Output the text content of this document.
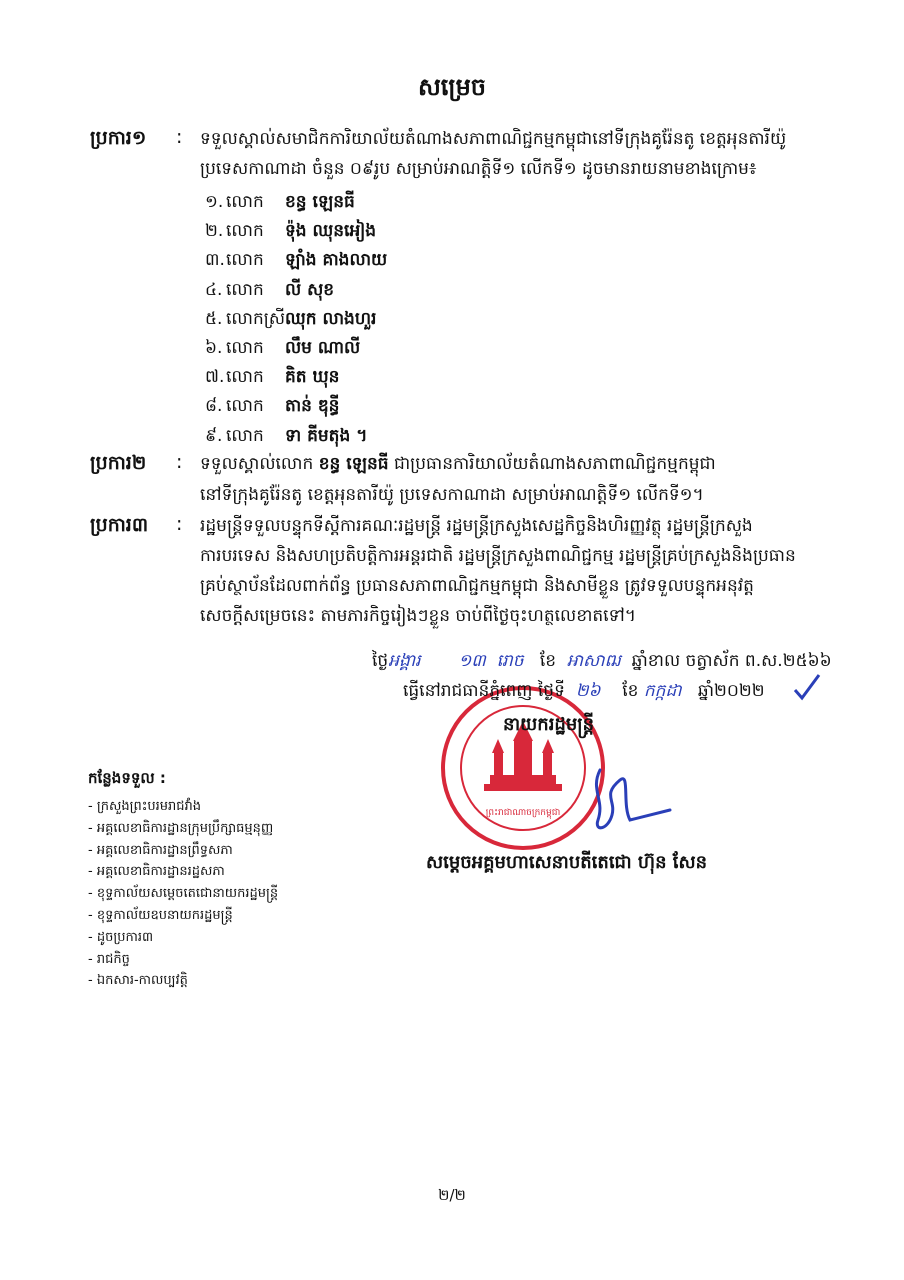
សម្រេច
ប្រការ១ : ទទួលស្គាល់សមាជិកការិយាល័យតំណាងសភាពាណិជ្ជកម្មកម្ពុជានៅទីក្រុងគូរ៉ែនតូ ខេត្តអុនតារីយ៉ូ
ប្រទេសកាណាដា ចំនួន ០៩រូប សម្រាប់អាណត្តិទី១ លើកទី១ ដូចមានរាយនាមខាងក្រោម៖
១. លោក ខន្ធ ឡេនធី
២. លោក ទ៉ុង ឈុនអៀង
៣. លោក ឡាំង គាងលាយ
៤. លោក លី សុខ
៥. លោកស្រី ឈុក លាងហួរ
៦. លោក លឹម ណាលី
៧. លោក គិត ឃុន
៨. លោក តាន់ ឌុន្ធី
៩. លោក ទា គីមតុង ។
ប្រការ២ : ទទួលស្គាល់លោក ខន្ធ ឡេនធី ជាប្រធានការិយាល័យតំណាងសភាពាណិជ្ជកម្មកម្ពុជា
នៅទីក្រុងគូរ៉ែនតូ ខេត្តអុនតារីយ៉ូ ប្រទេសកាណាដា សម្រាប់អាណត្តិទី១ លើកទី១។
ប្រការ៣ : រដ្ឋមន្ត្រីទទួលបន្ទុកទីស្តីការគណៈរដ្ឋមន្ត្រី រដ្ឋមន្ត្រីក្រសួងសេដ្ឋកិច្ចនិងហិរញ្ញវត្ថុ រដ្ឋមន្ត្រីក្រសួង
ការបរទេស និងសហប្រតិបត្តិការអន្តរជាតិ រដ្ឋមន្ត្រីក្រសួងពាណិជ្ជកម្ម រដ្ឋមន្ត្រីគ្រប់ក្រសួងនិងប្រធាន
គ្រប់ស្ថាប័នដែលពាក់ព័ន្ធ ប្រធានសភាពាណិជ្ជកម្មកម្ពុជា និងសាមីខ្លួន ត្រូវទទួលបន្ទុកអនុវត្ត
សេចក្តីសម្រេចនេះ តាមភារកិច្ចរៀងៗខ្លួន ចាប់ពីថ្ងៃចុះហត្ថលេខាតទៅ។
ព្រះរាជាណាចក្រកម្ពុជា
ថ្ងៃអង្គារ ១៣ រោច ខែ អាសាឍ ឆ្នាំខាល ចត្វាស័ក ព.ស.២៥៦៦
ធ្វើនៅរាជធានីភ្នំពេញ ថ្ងៃទី ២៦ ខែ កក្កដា ឆ្នាំ២០២២
នាយករដ្ឋមន្ត្រី
សម្តេចអគ្គមហាសេនាបតីតេជោ ហ៊ុន សែន
កន្លែងទទួល :
- ក្រសួងព្រះបរមរាជវាំង
- អគ្គលេខាធិការដ្ឋានក្រុមប្រឹក្សាធម្មនុញ្ញ
- អគ្គលេខាធិការដ្ឋានព្រឹទ្ធសភា
- អគ្គលេខាធិការដ្ឋានរដ្ឋសភា
- ខុទ្ទកាល័យសម្តេចតេជោនាយករដ្ឋមន្ត្រី
- ខុទ្ទកាល័យឧបនាយករដ្ឋមន្ត្រី
- ដូចប្រការ៣
- រាជកិច្ច
- ឯកសារ-កាលប្បវត្តិ
២/២
